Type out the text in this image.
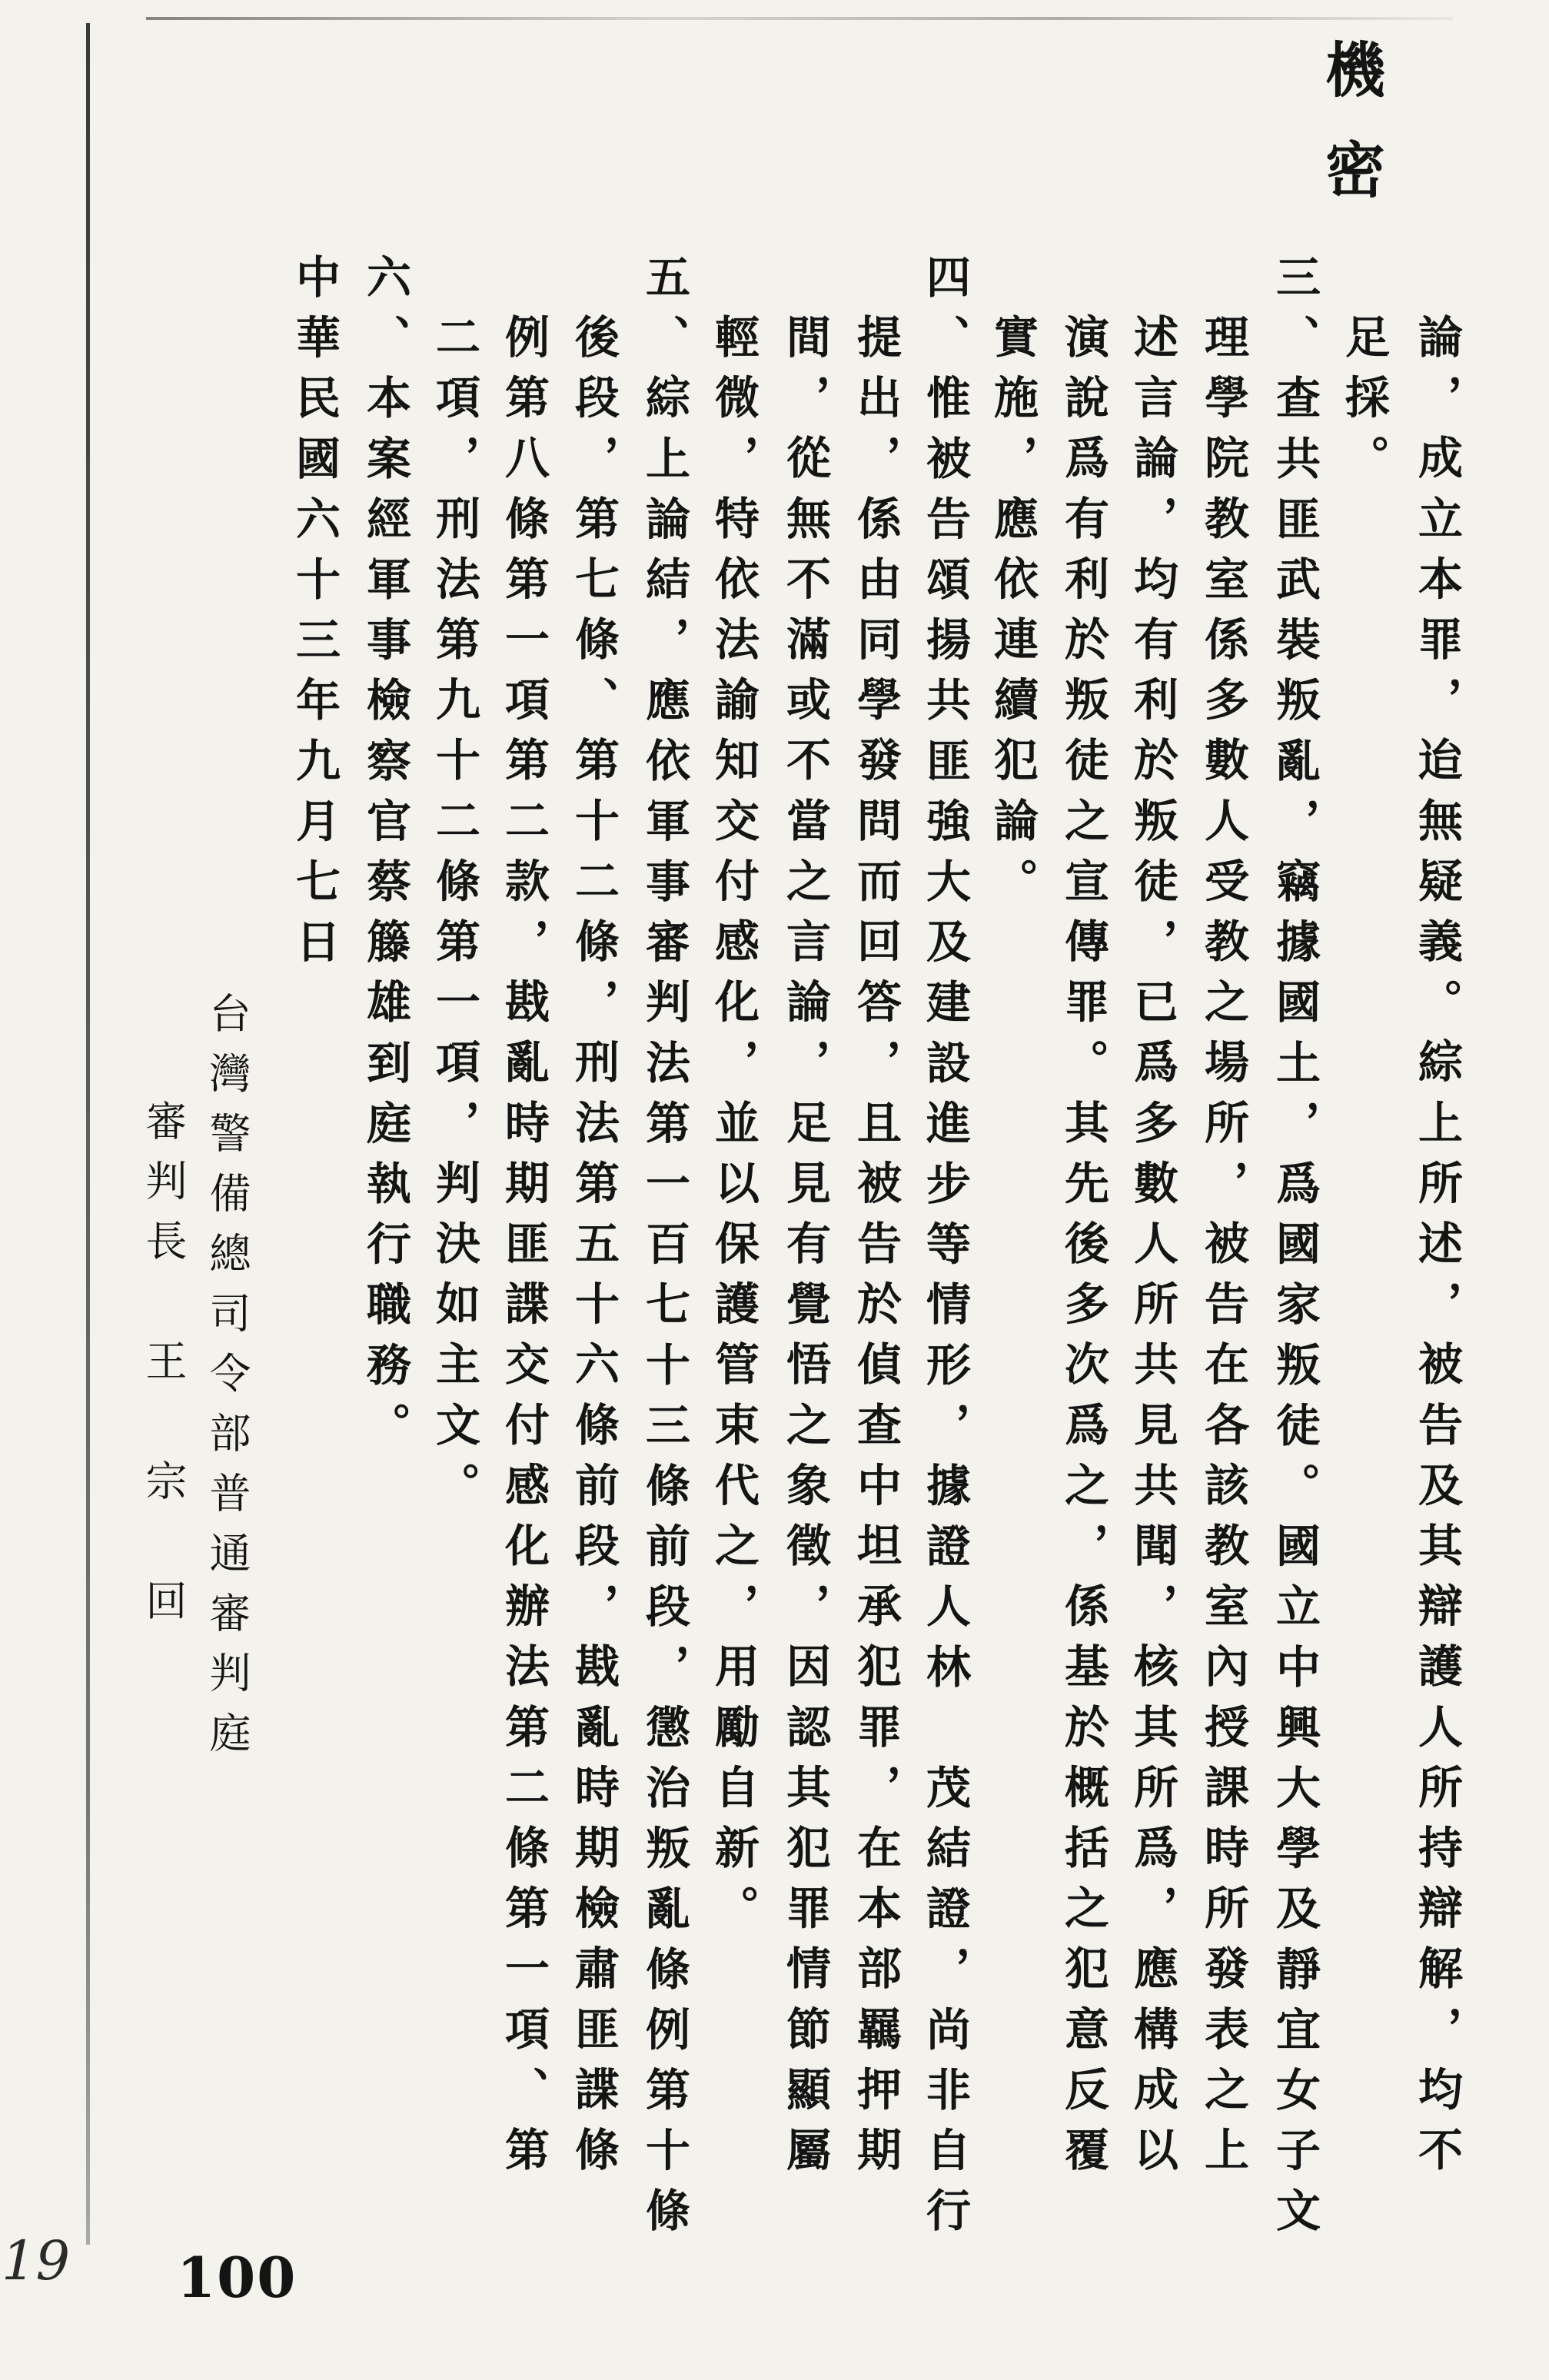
機密
論，成立本罪，迨無疑義。綜上所述，被告及其辯護人所持辯解，均不
足採。
三、查共匪武裝叛亂，竊據國土，爲國家叛徒。國立中興大學及靜宜女子文
理學院教室係多數人受教之場所，被告在各該教室內授課時所發表之上
述言論，均有利於叛徒，已爲多數人所共見共聞，核其所爲，應構成以
演說爲有利於叛徒之宣傳罪。其先後多次爲之，係基於概括之犯意反覆
實施，應依連續犯論。
四、惟被告頌揚共匪強大及建設進步等情形，據證人林　茂結證，尚非自行
提出，係由同學發問而回答，且被告於偵查中坦承犯罪，在本部羈押期
間，從無不滿或不當之言論，足見有覺悟之象徵，因認其犯罪情節顯屬
輕微，特依法諭知交付感化，並以保護管束代之，用勵自新。
五、綜上論結，應依軍事審判法第一百七十三條前段，懲治叛亂條例第十條
後段，第七條、第十二條，刑法第五十六條前段，戡亂時期檢肅匪諜條
例第八條第一項第二款，戡亂時期匪諜交付感化辦法第二條第一項、第
二項，刑法第九十二條第一項，判決如主文。
六、本案經軍事檢察官蔡籐雄到庭執行職務。
中華民國六十三年九月七日
台灣警備總司令部普通審判庭
審判長　王　宗　回
19 100
